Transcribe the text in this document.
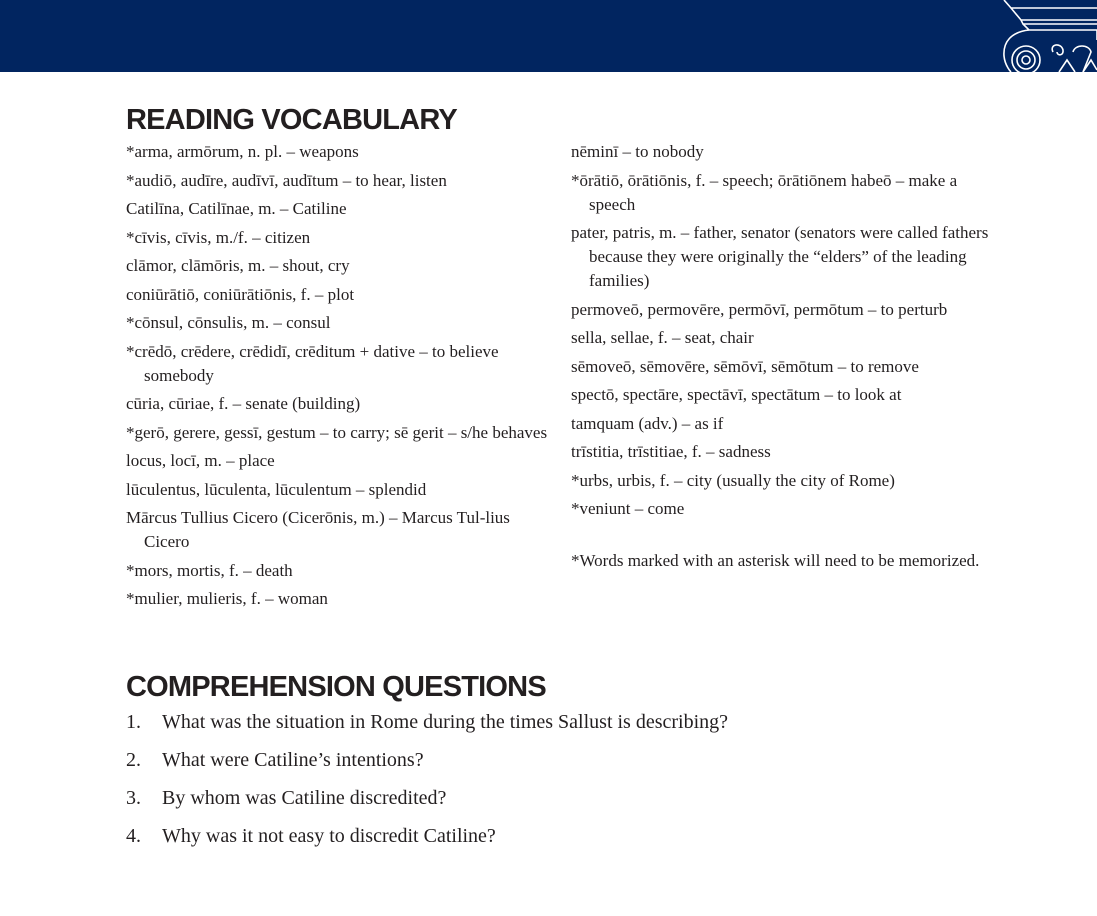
READING VOCABULARY
*arma, armōrum, n. pl. – weapons
*audiō, audīre, audīvī, audītum – to hear, listen
Catilīna, Catilīnae, m. – Catiline
*cīvis, cīvis, m./f. – citizen
clāmor, clāmōris, m. – shout, cry
coniūrātiō, coniūrātiōnis, f. – plot
*cōnsul, cōnsulis, m. – consul
*crēdō, crēdere, crēdidī, crēditum + dative – to believe somebody
cūria, cūriae, f. – senate (building)
*gerō, gerere, gessī, gestum – to carry; sē gerit – s/he behaves
locus, locī, m. – place
lūculentus, lūculenta, lūculentum – splendid
Mārcus Tullius Cicero (Cicerōnis, m.) – Marcus Tul-lius Cicero
*mors, mortis, f. – death
*mulier, mulieris, f. – woman
nēminī – to nobody
*ōrātiō, ōrātiōnis, f. – speech; ōrātiōnem habeō – make a speech
pater, patris, m. – father, senator (senators were called fathers because they were originally the “elders” of the leading families)
permoveō, permovēre, permōvī, permōtum – to perturb
sella, sellae, f. – seat, chair
sēmoveō, sēmovēre, sēmōvī, sēmōtum – to remove
spectō, spectāre, spectāvī, spectātum – to look at
tamquam (adv.) – as if
trīstitia, trīstitiae, f. – sadness
*urbs, urbis, f. – city (usually the city of Rome)
*veniunt – come
*Words marked with an asterisk will need to be memorized.
COMPREHENSION QUESTIONS
1.	What was the situation in Rome during the times Sallust is describing?
2.	What were Catiline’s intentions?
3.	By whom was Catiline discredited?
4.	Why was it not easy to discredit Catiline?
